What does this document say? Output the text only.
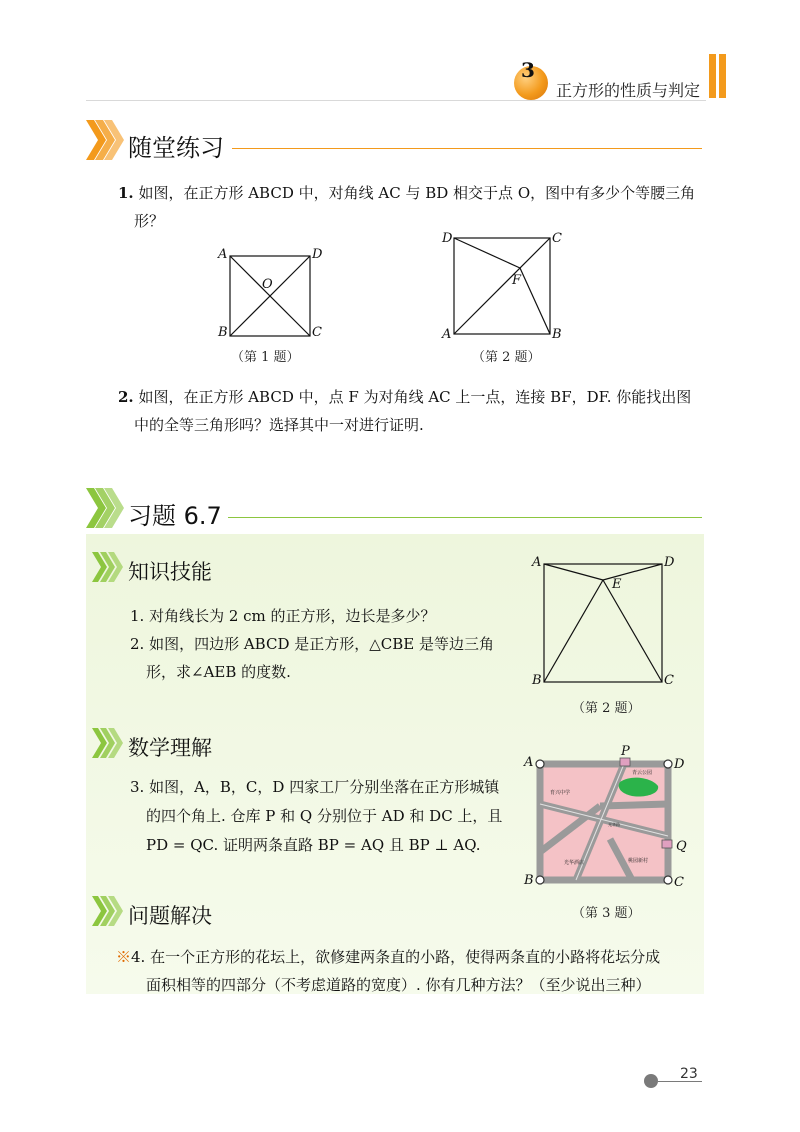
3
正方形的性质与判定
随堂练习
1. 如图，在正方形 ABCD 中，对角线 AC 与 BD 相交于点 O，图中有多少个等腰三角
形？
A	D
O
B	C
（第 1 题）
D	C
F
A	B
（第 2 题）
2. 如图，在正方形 ABCD 中，点 F 为对角线 AC 上一点，连接 BF，DF. 你能找出图
中的全等三角形吗？选择其中一对进行证明.
习题 6.7
知识技能
1. 对角线长为 2 cm 的正方形，边长是多少？
2. 如图，四边形 ABCD 是正方形，△CBE 是等边三角
形，求∠AEB 的度数.
A	D
E
B	C
（第 2 题）
数学理解
3. 如图，A，B，C，D 四家工厂分别坐落在正方形城镇
的四个角上. 仓库 P 和 Q 分别位于 AD 和 DC 上，且
PD = QC. 证明两条直路 BP = AQ 且 BP ⊥ AQ.
A
P
D
Q
B	C
青云公园
育兴中学
光华路
光华酒店	桃园新村
（第 3 题）
问题解决
※4. 在一个正方形的花坛上，欲修建两条直的小路，使得两条直的小路将花坛分成
面积相等的四部分（不考虑道路的宽度）. 你有几种方法？（至少说出三种）
23
